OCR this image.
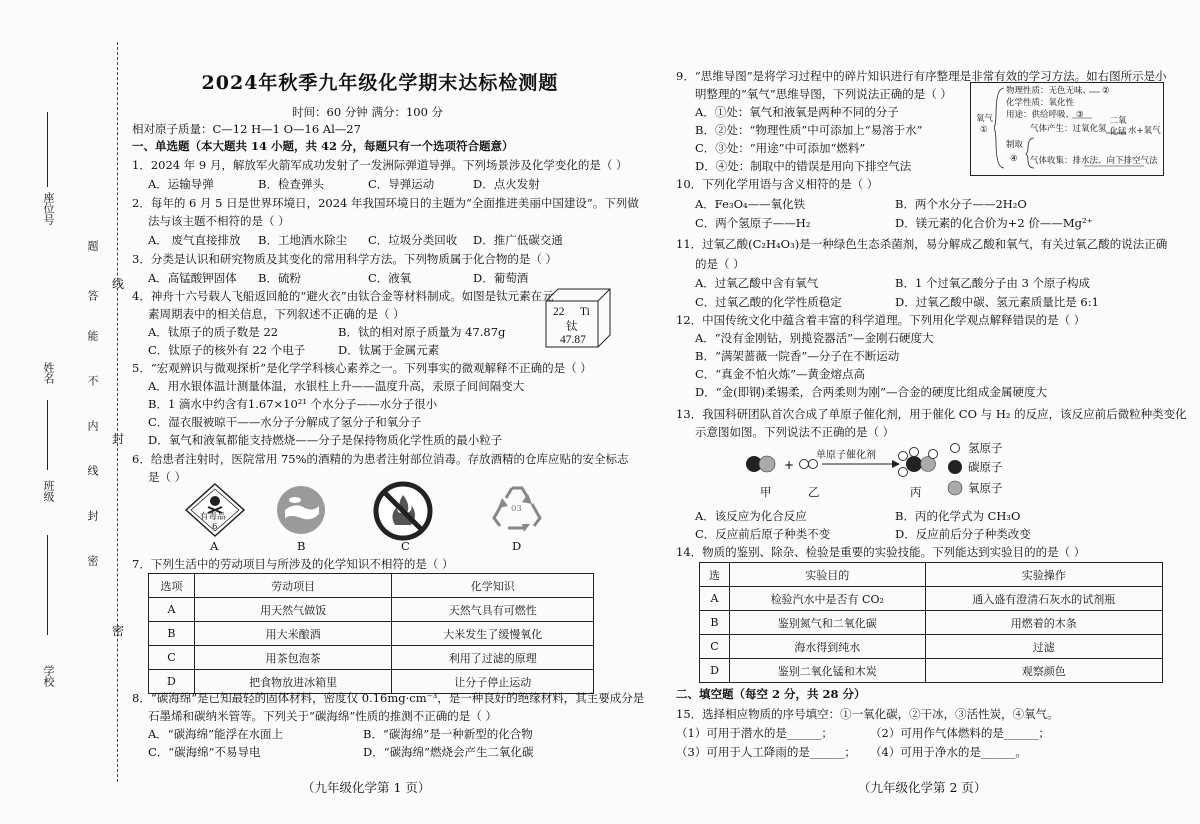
线
封
密
座位号
姓名
班级
学校
题
答
能
不
内
线
封
密
2024年秋季九年级化学期末达标检测题
时间：60 分钟 满分：100 分
相对原子质量：C—12 H—1 O—16 Al—27
一、单选题（本大题共 14 小题，共 42 分，每题只有一个选项符合题意）
1．2024 年 9 月，解放军火箭军成功发射了一发洲际弹道导弹。下列场景涉及化学变化的是（ ）
A．运输导弹	B．检查弹头	C．导弹运动	D．点火发射
2．每年的 6 月 5 日是世界环境日，2024 年我国环境日的主题为“全面推进美丽中国建设”。下列做
法与该主题不相符的是（ ）
A． 废气直接排放 B．工地洒水除尘 C．垃圾分类回收 D．推广低碳交通
3．分类是认识和研究物质及其变化的常用科学方法。下列物质属于化合物的是（ ）
A．高锰酸钾固体 B．硫粉	C．液氧	D．葡萄酒
4．神舟十六号载人飞船返回舱的“避火衣”由钛合金等材料制成。如图是钛元素在元
素周期表中的相关信息，下列叙述不正确的是（ ）
A．钛原子的质子数是 22	B．钛的相对原子质量为 47.87g
C．钛原子的核外有 22 个电子	D．钛属于金属元素
22 Ti
钛
47.87
5．“宏观辨识与微观探析”是化学学科核心素养之一。下列事实的微观解释不正确的是（ ）
A．用水银体温计测量体温，水银柱上升——温度升高，汞原子间间隔变大
B．1 滴水中约含有1.67×10²¹ 个水分子——水分子很小
C．湿衣服被晾干——水分子分解成了氢分子和氧分子
D．氧气和液氧都能支持燃烧——分子是保持物质化学性质的最小粒子
6．给患者注射时，医院常用 75%的酒精的为患者注射部位消毒。存放酒精的仓库应贴的安全标志
是（ ）
有毒品
6
03
A	B	C	D
7．下列生活中的劳动项目与所涉及的化学知识不相符的是（ ）
选项	劳动项目	化学知识
A	用天然气做饭	天然气具有可燃性
B	用大米酿酒	大米发生了缓慢氧化
C	用茶包泡茶	利用了过滤的原理
D	把食物放进冰箱里	让分子停止运动
8．“碳海绵”是已知最轻的固体材料，密度仅 0.16mg·cm⁻³，是一种良好的绝缘材料，其主要成分是
石墨烯和碳纳米管等。下列关于“碳海绵”性质的推测不正确的是（ ）
A．“碳海绵”能浮在水面上	B．“碳海绵”是一种新型的化合物
C．“碳海绵”不易导电	D．“碳海绵”燃烧会产生二氧化碳
（九年级化学第 1 页）
9．“思维导图”是将学习过程中的碎片知识进行有序整理是非常有效的学习方法。如右图所示是小
明整理的“氧气”思维导图，下列说法正确的是（ ）
A．①处：氧气和液氧是两种不同的分子
B．②处：“物理性质”中可添加上“易溶于水”
C．③处：“用途”中可添加“燃料”
D．④处：制取中的错误是用向下排空气法
氧气
①
物理性质：无色无味、 ②
化学性质：氧化性
用途：供给呼吸、 ③
制取
④
气体产生：过氧化氢
二氧化锰 水+氧气
气体收集：排水法、向下排空气法
10．下列化学用语与含义相符的是（ ）
A．Fe₃O₄——氧化铁	B．两个水分子——2H₂O
C．两个氢原子——H₂	D．镁元素的化合价为+2 价——Mg²⁺
11．过氧乙酸(C₂H₄O₃)是一种绿色生态杀菌剂，易分解成乙酸和氧气，有关过氧乙酸的说法正确
的是（ ）
A．过氧乙酸中含有氧气	B．1 个过氧乙酸分子由 3 个原子构成
C．过氧乙酸的化学性质稳定	D．过氧乙酸中碳、氢元素质量比是 6:1
12．中国传统文化中蕴含着丰富的科学道理。下列用化学观点解释错误的是（ ）
A．“没有金刚钻，别揽瓷器活”—金刚石硬度大
B．“满架蔷薇一院香”—分子在不断运动
C．“真金不怕火炼”—黄金熔点高
D．“金(即钢)柔锡柔，合两柔则为刚”—合金的硬度比组成金属硬度大
13．我国科研团队首次合成了单原子催化剂，用于催化 CO 与 H₂ 的反应，该反应前后微粒种类变化
示意图如图。下列说法不正确的是（ ）
+
单原子催化剂
甲	乙	丙
氢原子
碳原子
氧原子
A．该反应为化合反应	B．丙的化学式为 CH₃O
C．反应前后原子种类不变	D．反应前后分子种类改变
14．物质的鉴别、除杂、检验是重要的实验技能。下列能达到实验目的的是（ ）
选	实验目的	实验操作
A	检验汽水中是否有 CO₂	通入盛有澄清石灰水的试剂瓶
B	鉴别氮气和二氧化碳	用燃着的木条
C	海水得到纯水	过滤
D	鉴别二氧化锰和木炭	观察颜色
二、填空题（每空 2 分，共 28 分）
15．选择相应物质的序号填空：①一氧化碳，②干冰，③活性炭，④氧气。
（1）可用于潜水的是______；	（2）可用作气体燃料的是______；
（3）可用于人工降雨的是______； （4）可用于净水的是______。
（九年级化学第 2 页）
